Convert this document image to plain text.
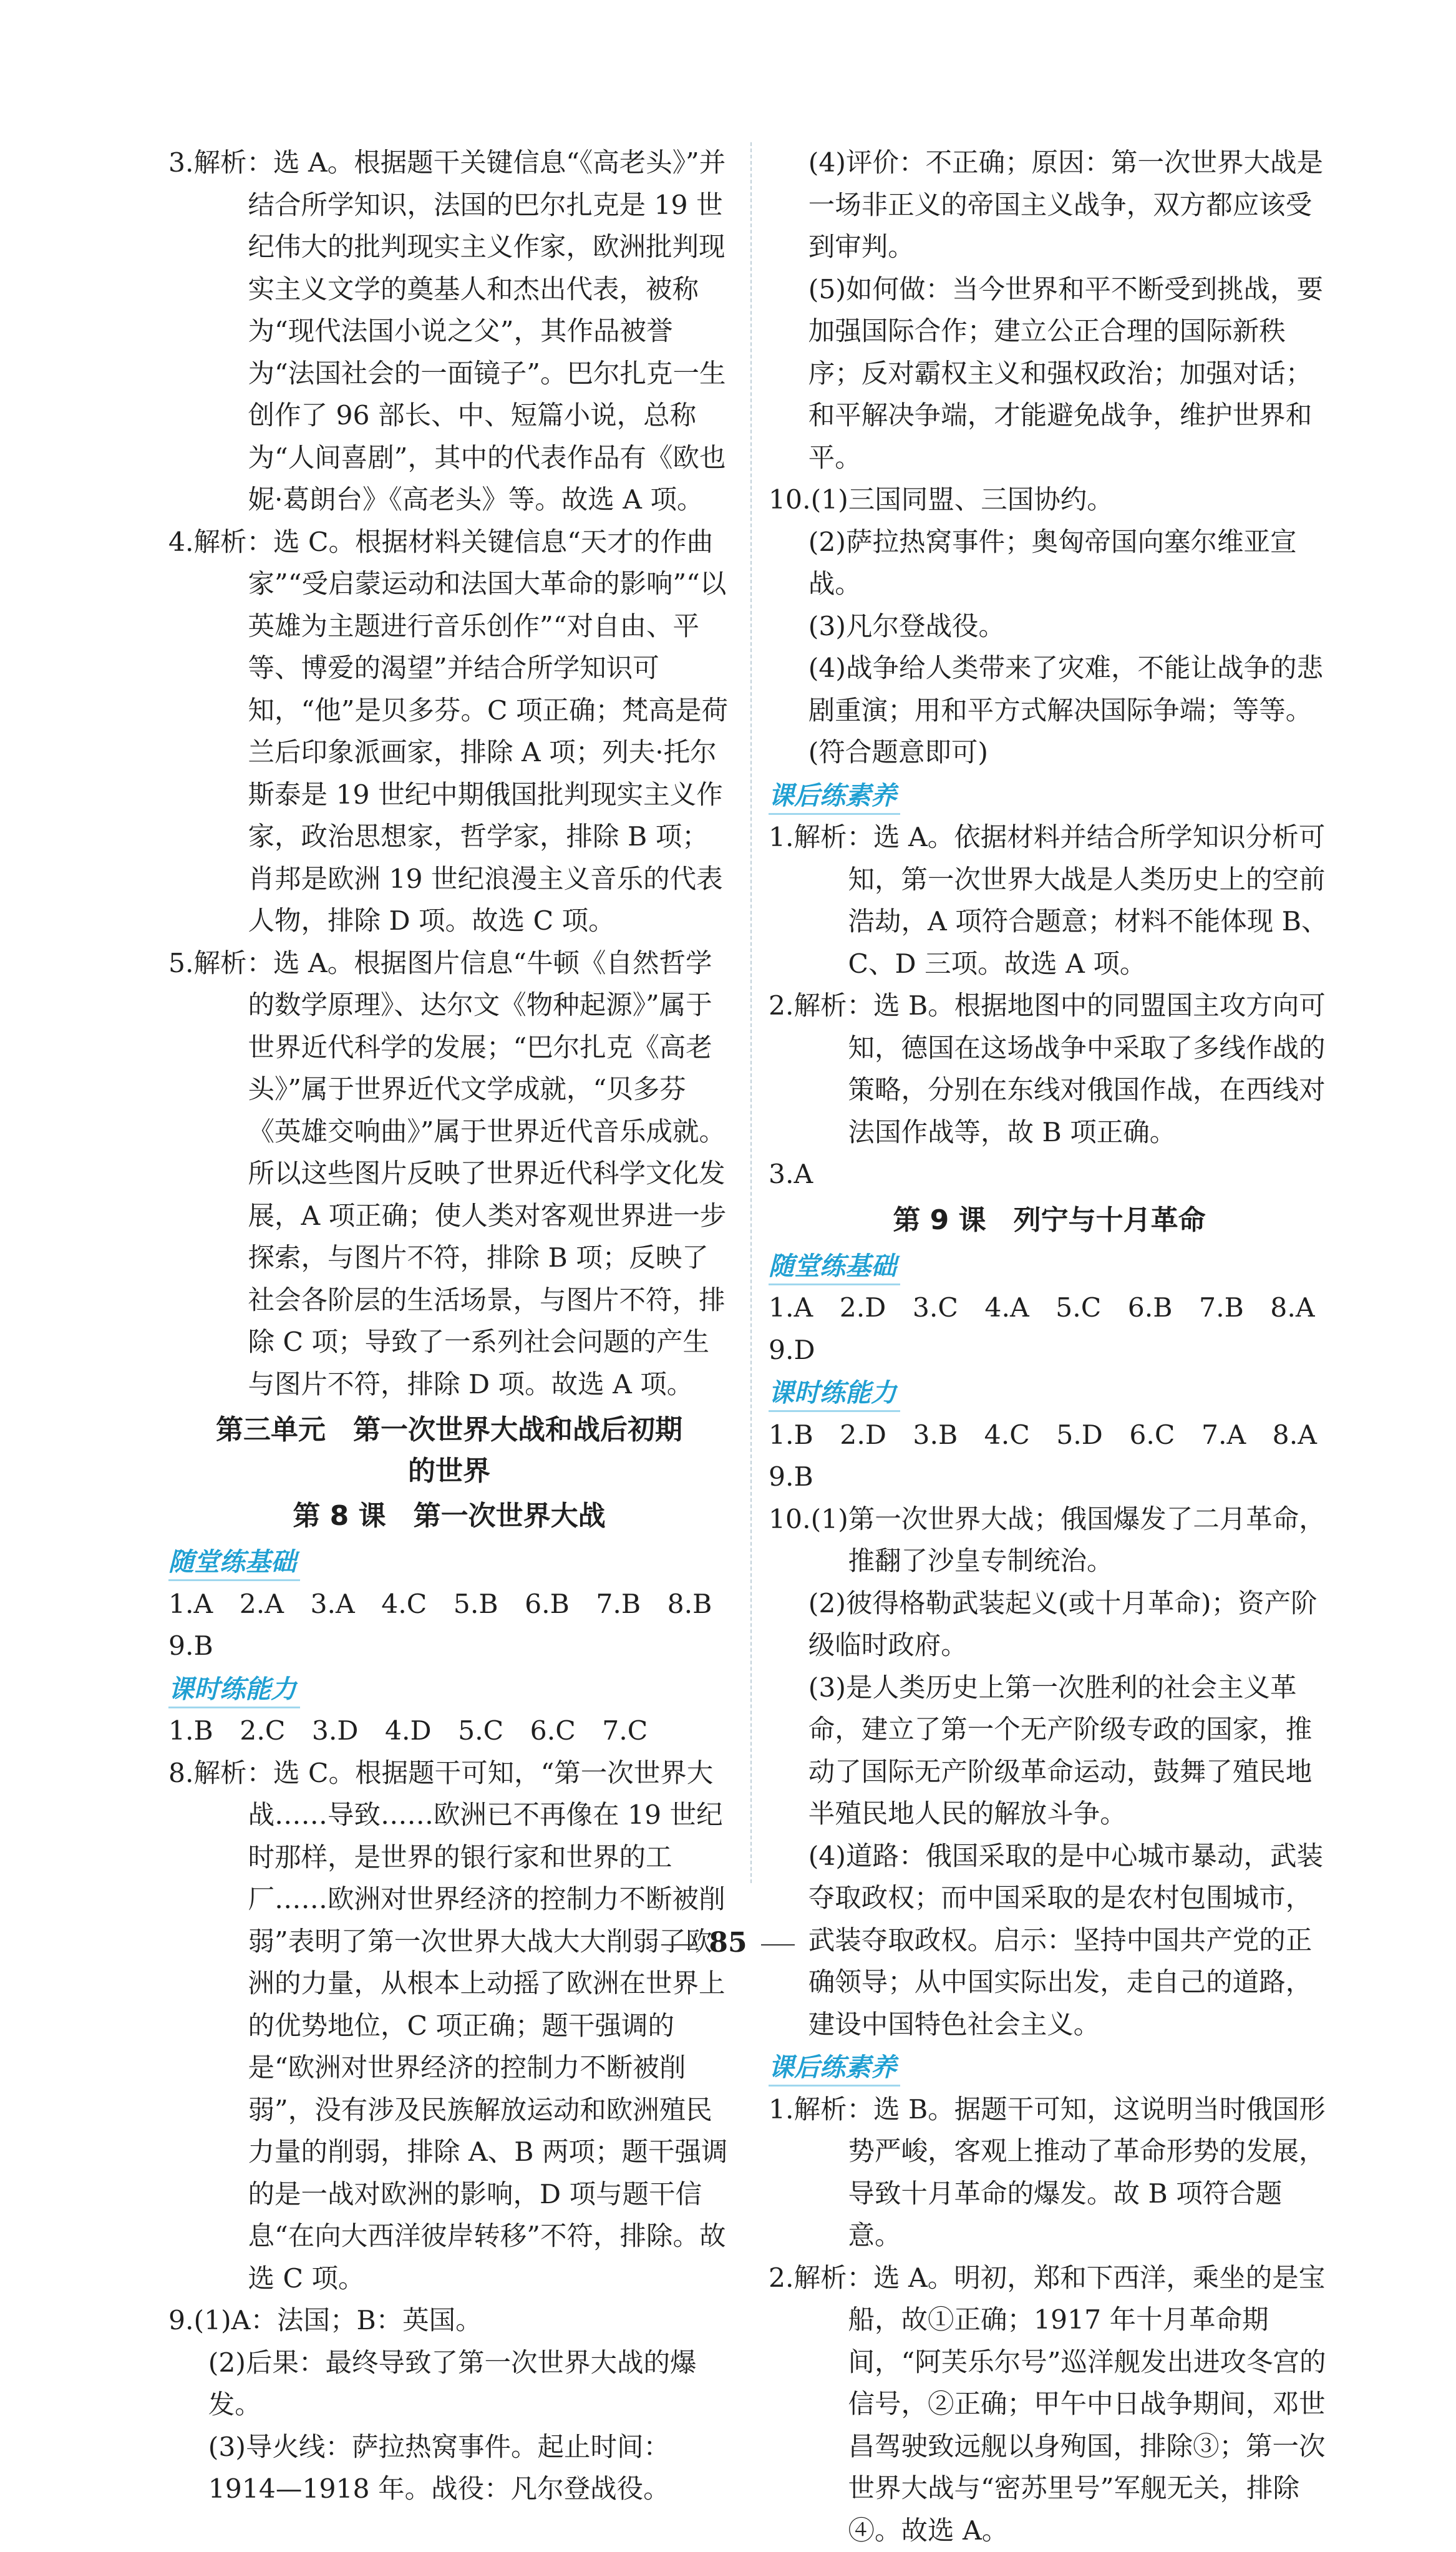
3.解析：选 A。根据题干关键信息“《高老头》”并结合所学知识，法国的巴尔扎克是 19 世纪伟大的批判现实主义作家，欧洲批判现实主义文学的奠基人和杰出代表，被称为“现代法国小说之父”，其作品被誉为“法国社会的一面镜子”。巴尔扎克一生创作了 96 部长、中、短篇小说，总称为“人间喜剧”，其中的代表作品有《欧也妮·葛朗台》《高老头》等。故选 A 项。

4.解析：选 C。根据材料关键信息“天才的作曲家”“受启蒙运动和法国大革命的影响”“以英雄为主题进行音乐创作”“对自由、平等、博爱的渴望”并结合所学知识可知，“他”是贝多芬。C 项正确；梵高是荷兰后印象派画家，排除 A 项；列夫·托尔斯泰是 19 世纪中期俄国批判现实主义作家，政治思想家，哲学家，排除 B 项；肖邦是欧洲 19 世纪浪漫主义音乐的代表人物，排除 D 项。故选 C 项。

5.解析：选 A。根据图片信息“牛顿《自然哲学的数学原理》、达尔文《物种起源》”属于世界近代科学的发展；“巴尔扎克《高老头》”属于世界近代文学成就，“贝多芬《英雄交响曲》”属于世界近代音乐成就。所以这些图片反映了世界近代科学文化发展，A 项正确；使人类对客观世界进一步探索，与图片不符，排除 B 项；反映了社会各阶层的生活场景，与图片不符，排除 C 项；导致了一系列社会问题的产生与图片不符，排除 D 项。故选 A 项。

第三单元　第一次世界大战和战后初期
的世界
第 8 课　第一次世界大战
随堂练基础

1.A　2.A　3.A　4.C　5.B　6.B　7.B　8.B

9.B

课时练能力

1.B　2.C　3.D　4.D　5.C　6.C　7.C

8.解析：选 C。根据题干可知，“第一次世界大战……导致……欧洲已不再像在 19 世纪时那样，是世界的银行家和世界的工厂……欧洲对世界经济的控制力不断被削弱”表明了第一次世界大战大大削弱了欧洲的力量，从根本上动摇了欧洲在世界上的优势地位，C 项正确；题干强调的是“欧洲对世界经济的控制力不断被削弱”，没有涉及民族解放运动和欧洲殖民力量的削弱，排除 A、B 两项；题干强调的是一战对欧洲的影响，D 项与题干信息“在向大西洋彼岸转移”不符，排除。故选 C 项。

9.(1)A：法国；B：英国。

(2)后果：最终导致了第一次世界大战的爆发。

(3)导火线：萨拉热窝事件。起止时间：1914—1918 年。战役：凡尔登战役。

(4)评价：不正确；原因：第一次世界大战是一场非正义的帝国主义战争，双方都应该受到审判。

(5)如何做：当今世界和平不断受到挑战，要加强国际合作；建立公正合理的国际新秩序；反对霸权主义和强权政治；加强对话；和平解决争端，才能避免战争，维护世界和平。

10.(1)三国同盟、三国协约。

(2)萨拉热窝事件；奥匈帝国向塞尔维亚宣战。

(3)凡尔登战役。

(4)战争给人类带来了灾难，不能让战争的悲剧重演；用和平方式解决国际争端；等等。(符合题意即可)

课后练素养

1.解析：选 A。依据材料并结合所学知识分析可知，第一次世界大战是人类历史上的空前浩劫，A 项符合题意；材料不能体现 B、C、D 三项。故选 A 项。

2.解析：选 B。根据地图中的同盟国主攻方向可知，德国在这场战争中采取了多线作战的策略，分别在东线对俄国作战，在西线对法国作战等，故 B 项正确。

3.A

第 9 课　列宁与十月革命
随堂练基础

1.A　2.D　3.C　4.A　5.C　6.B　7.B　8.A

9.D

课时练能力

1.B　2.D　3.B　4.C　5.D　6.C　7.A　8.A

9.B

10.(1)第一次世界大战；俄国爆发了二月革命，推翻了沙皇专制统治。

(2)彼得格勒武装起义(或十月革命)；资产阶级临时政府。

(3)是人类历史上第一次胜利的社会主义革命，建立了第一个无产阶级专政的国家，推动了国际无产阶级革命运动，鼓舞了殖民地半殖民地人民的解放斗争。

(4)道路：俄国采取的是中心城市暴动，武装夺取政权；而中国采取的是农村包围城市，武装夺取政权。启示：坚持中国共产党的正确领导；从中国实际出发，走自己的道路，建设中国特色社会主义。

课后练素养

1.解析：选 B。据题干可知，这说明当时俄国形势严峻，客观上推动了革命形势的发展，导致十月革命的爆发。故 B 项符合题意。

2.解析：选 A。明初，郑和下西洋，乘坐的是宝船，故①正确；1917 年十月革命期间，“阿芙乐尔号”巡洋舰发出进攻冬宫的信号，②正确；甲午中日战争期间，邓世昌驾驶致远舰以身殉国，排除③；第一次世界大战与“密苏里号”军舰无关，排除④。故选 A。

85
